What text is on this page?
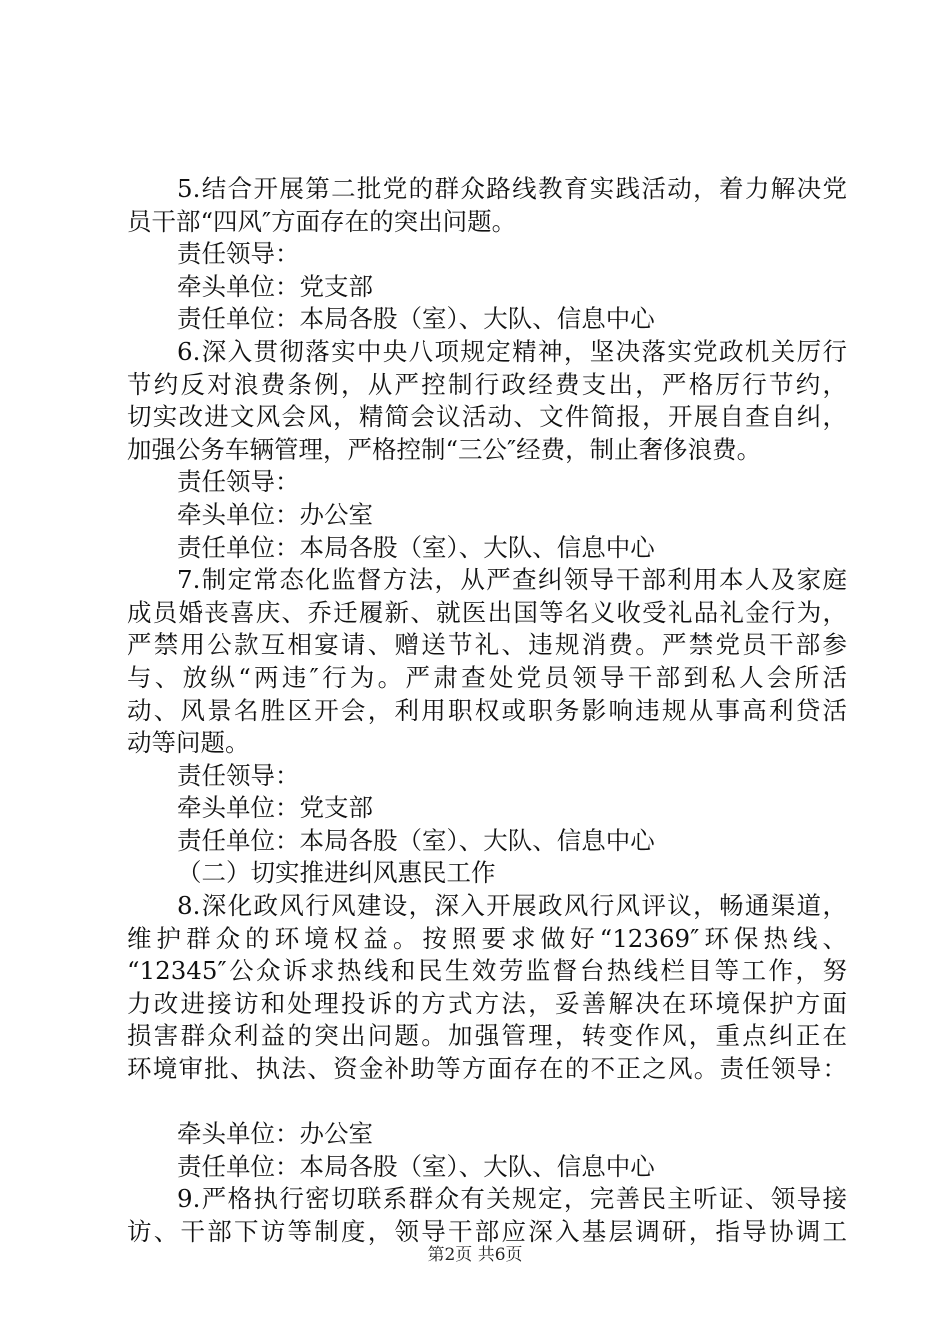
5.结合开展第二批党的群众路线教育实践活动，着力解决党
员干部“四风″方面存在的突出问题。
责任领导：
牵头单位：党支部
责任单位：本局各股（室）、大队、信息中心
6.深入贯彻落实中央八项规定精神，坚决落实党政机关厉行
节约反对浪费条例，从严控制行政经费支出，严格厉行节约，
切实改进文风会风，精简会议活动、文件简报，开展自查自纠，
加强公务车辆管理，严格控制“三公″经费，制止奢侈浪费。
责任领导：
牵头单位：办公室
责任单位：本局各股（室）、大队、信息中心
7.制定常态化监督方法，从严查纠领导干部利用本人及家庭
成员婚丧喜庆、乔迁履新、就医出国等名义收受礼品礼金行为，
严禁用公款互相宴请、赠送节礼、违规消费。严禁党员干部参
与、放纵“两违″行为。严肃查处党员领导干部到私人会所活
动、风景名胜区开会，利用职权或职务影响违规从事高利贷活
动等问题。
责任领导：
牵头单位：党支部
责任单位：本局各股（室）、大队、信息中心
（二）切实推进纠风惠民工作
8.深化政风行风建设，深入开展政风行风评议，畅通渠道，
维护群众的环境权益。按照要求做好“12369″环保热线、
“12345″公众诉求热线和民生效劳监督台热线栏目等工作，努
力改进接访和处理投诉的方式方法，妥善解决在环境保护方面
损害群众利益的突出问题。加强管理，转变作风，重点纠正在
环境审批、执法、资金补助等方面存在的不正之风。责任领导：
牵头单位：办公室
责任单位：本局各股（室）、大队、信息中心
9.严格执行密切联系群众有关规定，完善民主听证、领导接
访、干部下访等制度，领导干部应深入基层调研，指导协调工
第2页 共6页
